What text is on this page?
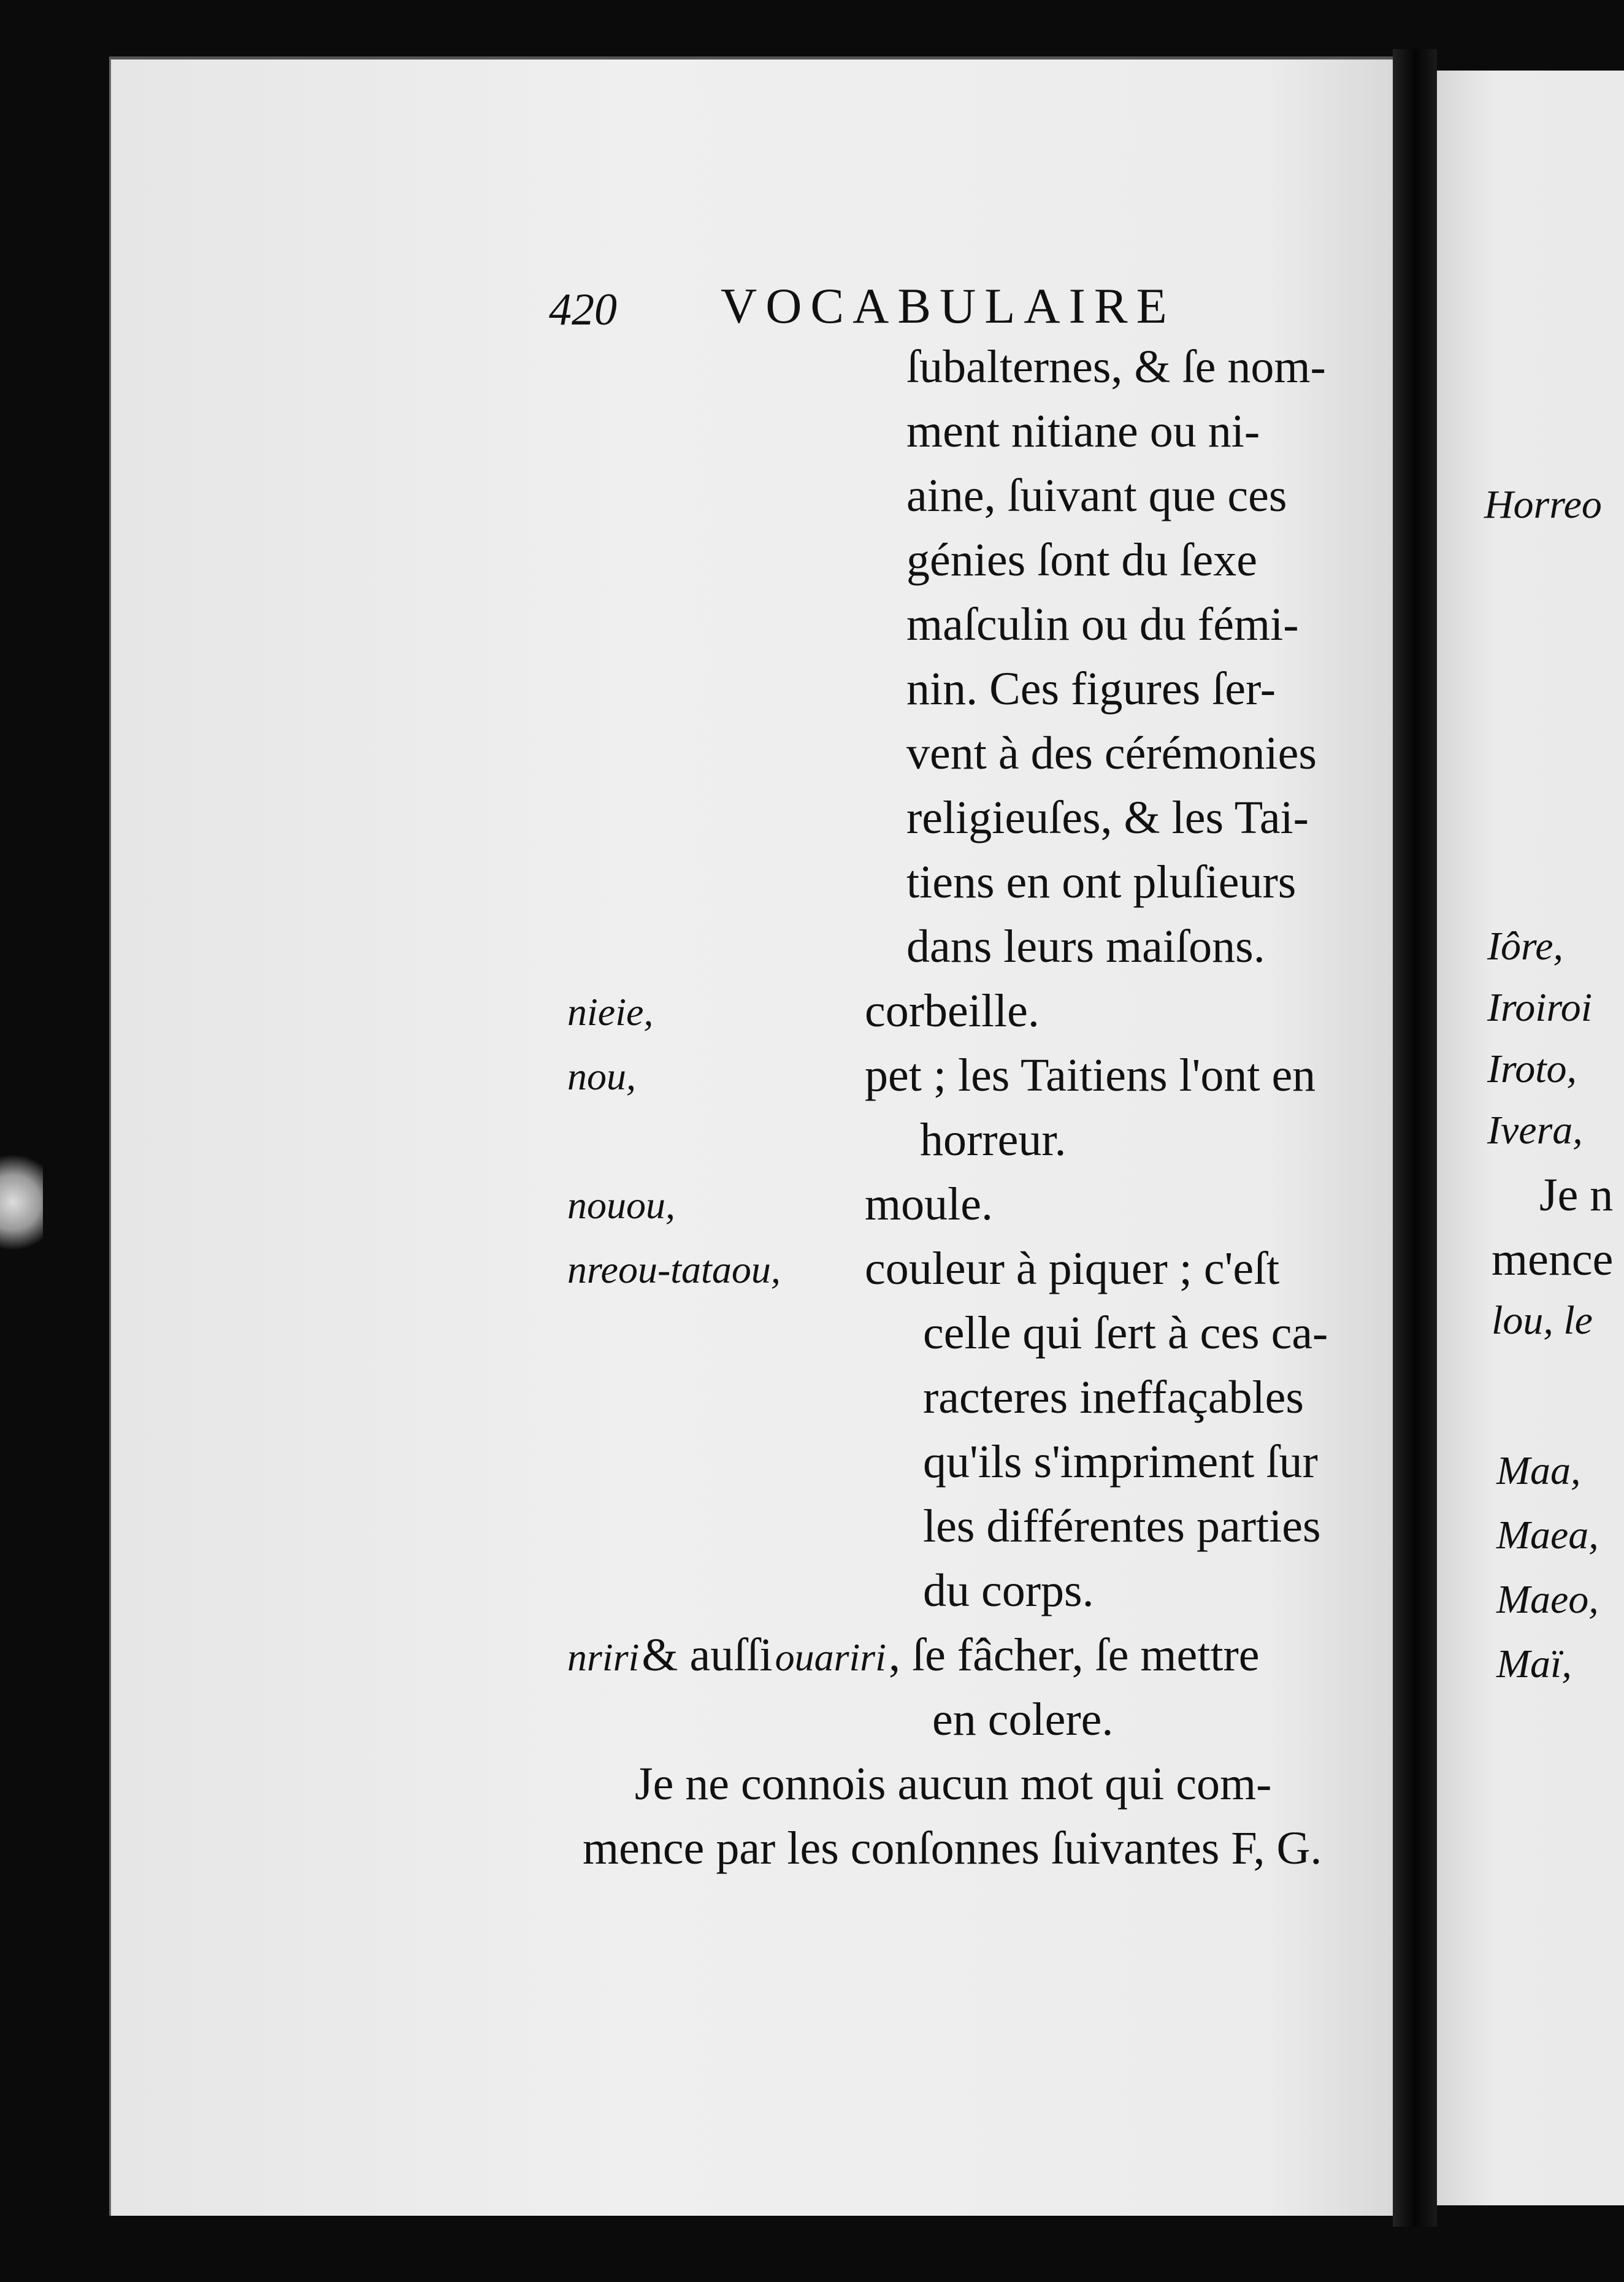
420 VOCABULAIRE
ſubalternes, & ſe nom-
ment nitiane ou ni-
aine, ſuivant que ces
génies ſont du ſexe
maſculin ou du fémi-
nin. Ces figures ſer-
vent à des cérémonies
religieuſes, & les Tai-
tiens en ont pluſieurs
dans leurs maiſons.
nieie,	corbeille.
nou,	pet ; les Taitiens l'ont en
horreur.
nouou,	moule.
nreou-tataou, couleur à piquer ; c'eſt
celle qui ſert à ces ca-
racteres ineffaçables
qu'ils s'impriment ſur
les différentes parties
du corps.
nriri & auſſi ouariri , ſe fâcher, ſe mettre
en colere.
Je ne connois aucun mot qui com-
mence par les conſonnes ſuivantes F, G.
Horreo
Iôre,
Iroiroi
Iroto,
Ivera,
Je n
mence
lou, le
Maa,
Maea,
Maeo,
Maï,
